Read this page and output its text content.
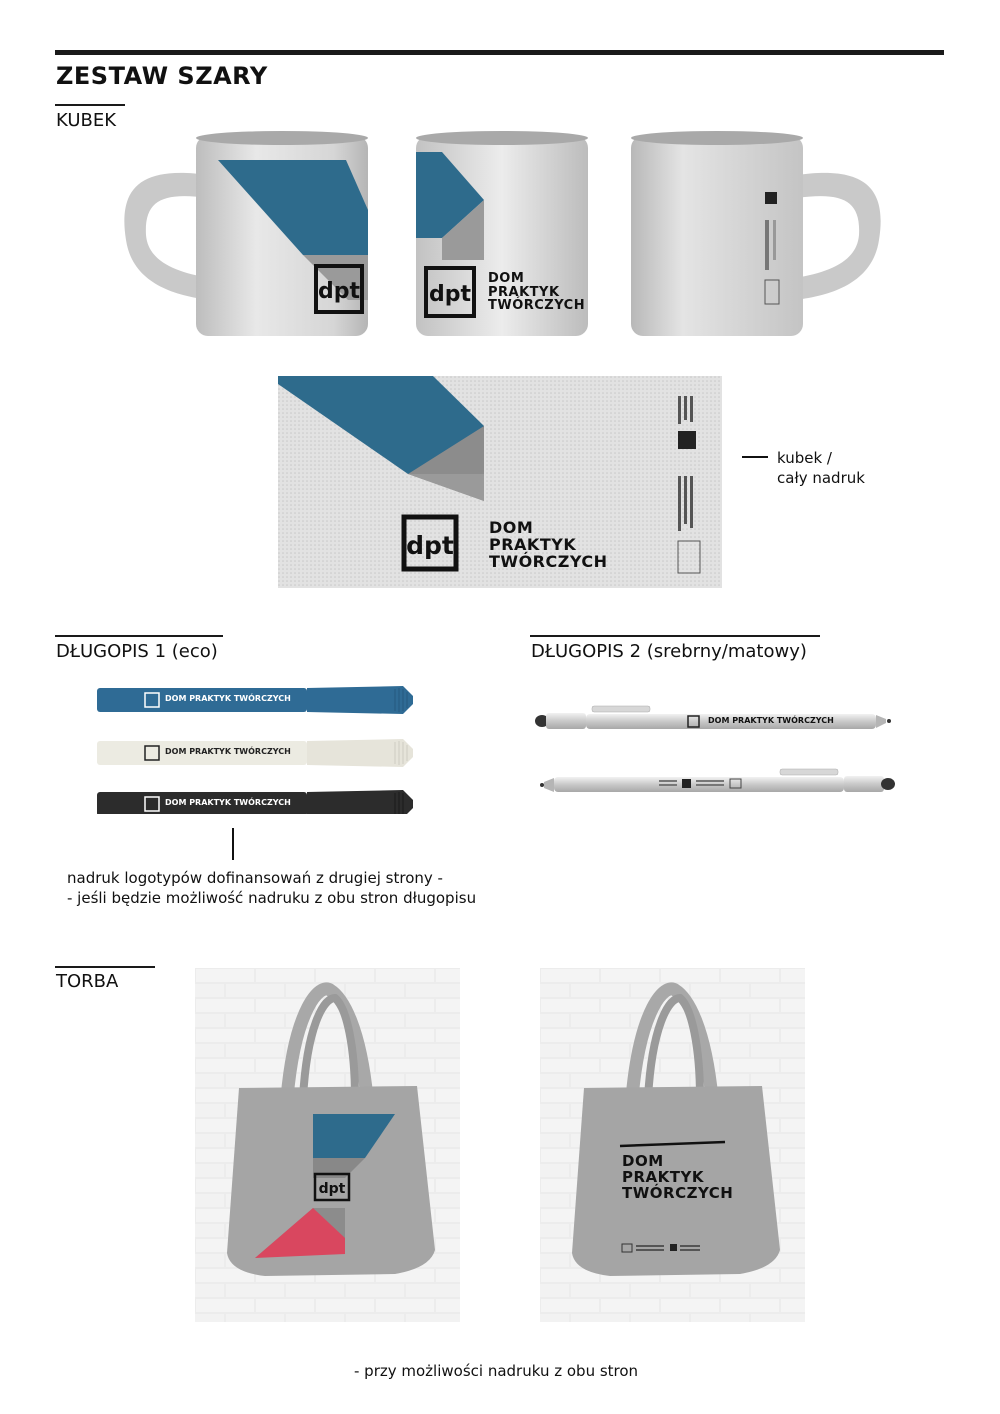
ZESTAW SZARY
KUBEK
dpt	dpt
DOM
PRAKTYK
TWÓRCZYCH
dpt
DOM
PRAKTYK
TWÓRCZYCH
kubek /
cały nadruk
DŁUGOPIS 1 (eco)
DOM PRAKTYK TWÓRCZYCH
DOM PRAKTYK TWÓRCZYCH
DOM PRAKTYK TWÓRCZYCH
nadruk logotypów dofinansowań z drugiej strony -
- jeśli będzie możliwość nadruku z obu stron długopisu
DŁUGOPIS 2 (srebrny/matowy)
DOM PRAKTYK TWÓRCZYCH
TORBA
dpt
DOM
PRAKTYK
TWÓRCZYCH
- przy możliwości nadruku z obu stron
